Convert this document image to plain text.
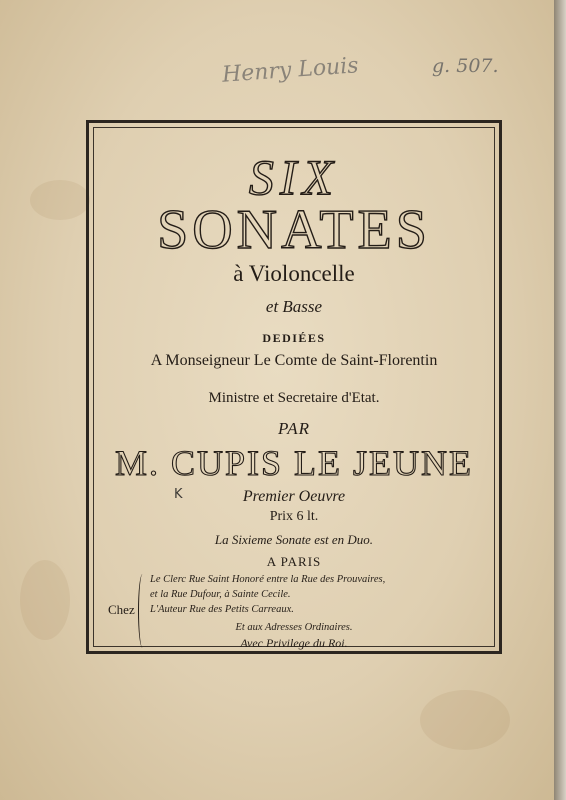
Henry Louis	g. 507.
SIX
SONATES
à Violoncelle
et Basse
DEDIÉES
A Monseigneur Le Comte de Saint-Florentin
Ministre et Secretaire d'Etat.
PAR
M. CUPIS LE JEUNE
K	Premier Oeuvre
Prix 6 lt.
La Sixieme Sonate est en Duo.
A PARIS
Chez
Le Clerc Rue Saint Honoré entre la Rue des Prouvaires,
et la Rue Dufour, à Sainte Cecile.
L'Auteur Rue des Petits Carreaux.
Et aux Adresses Ordinaires.
Avec Privilege du Roi.
